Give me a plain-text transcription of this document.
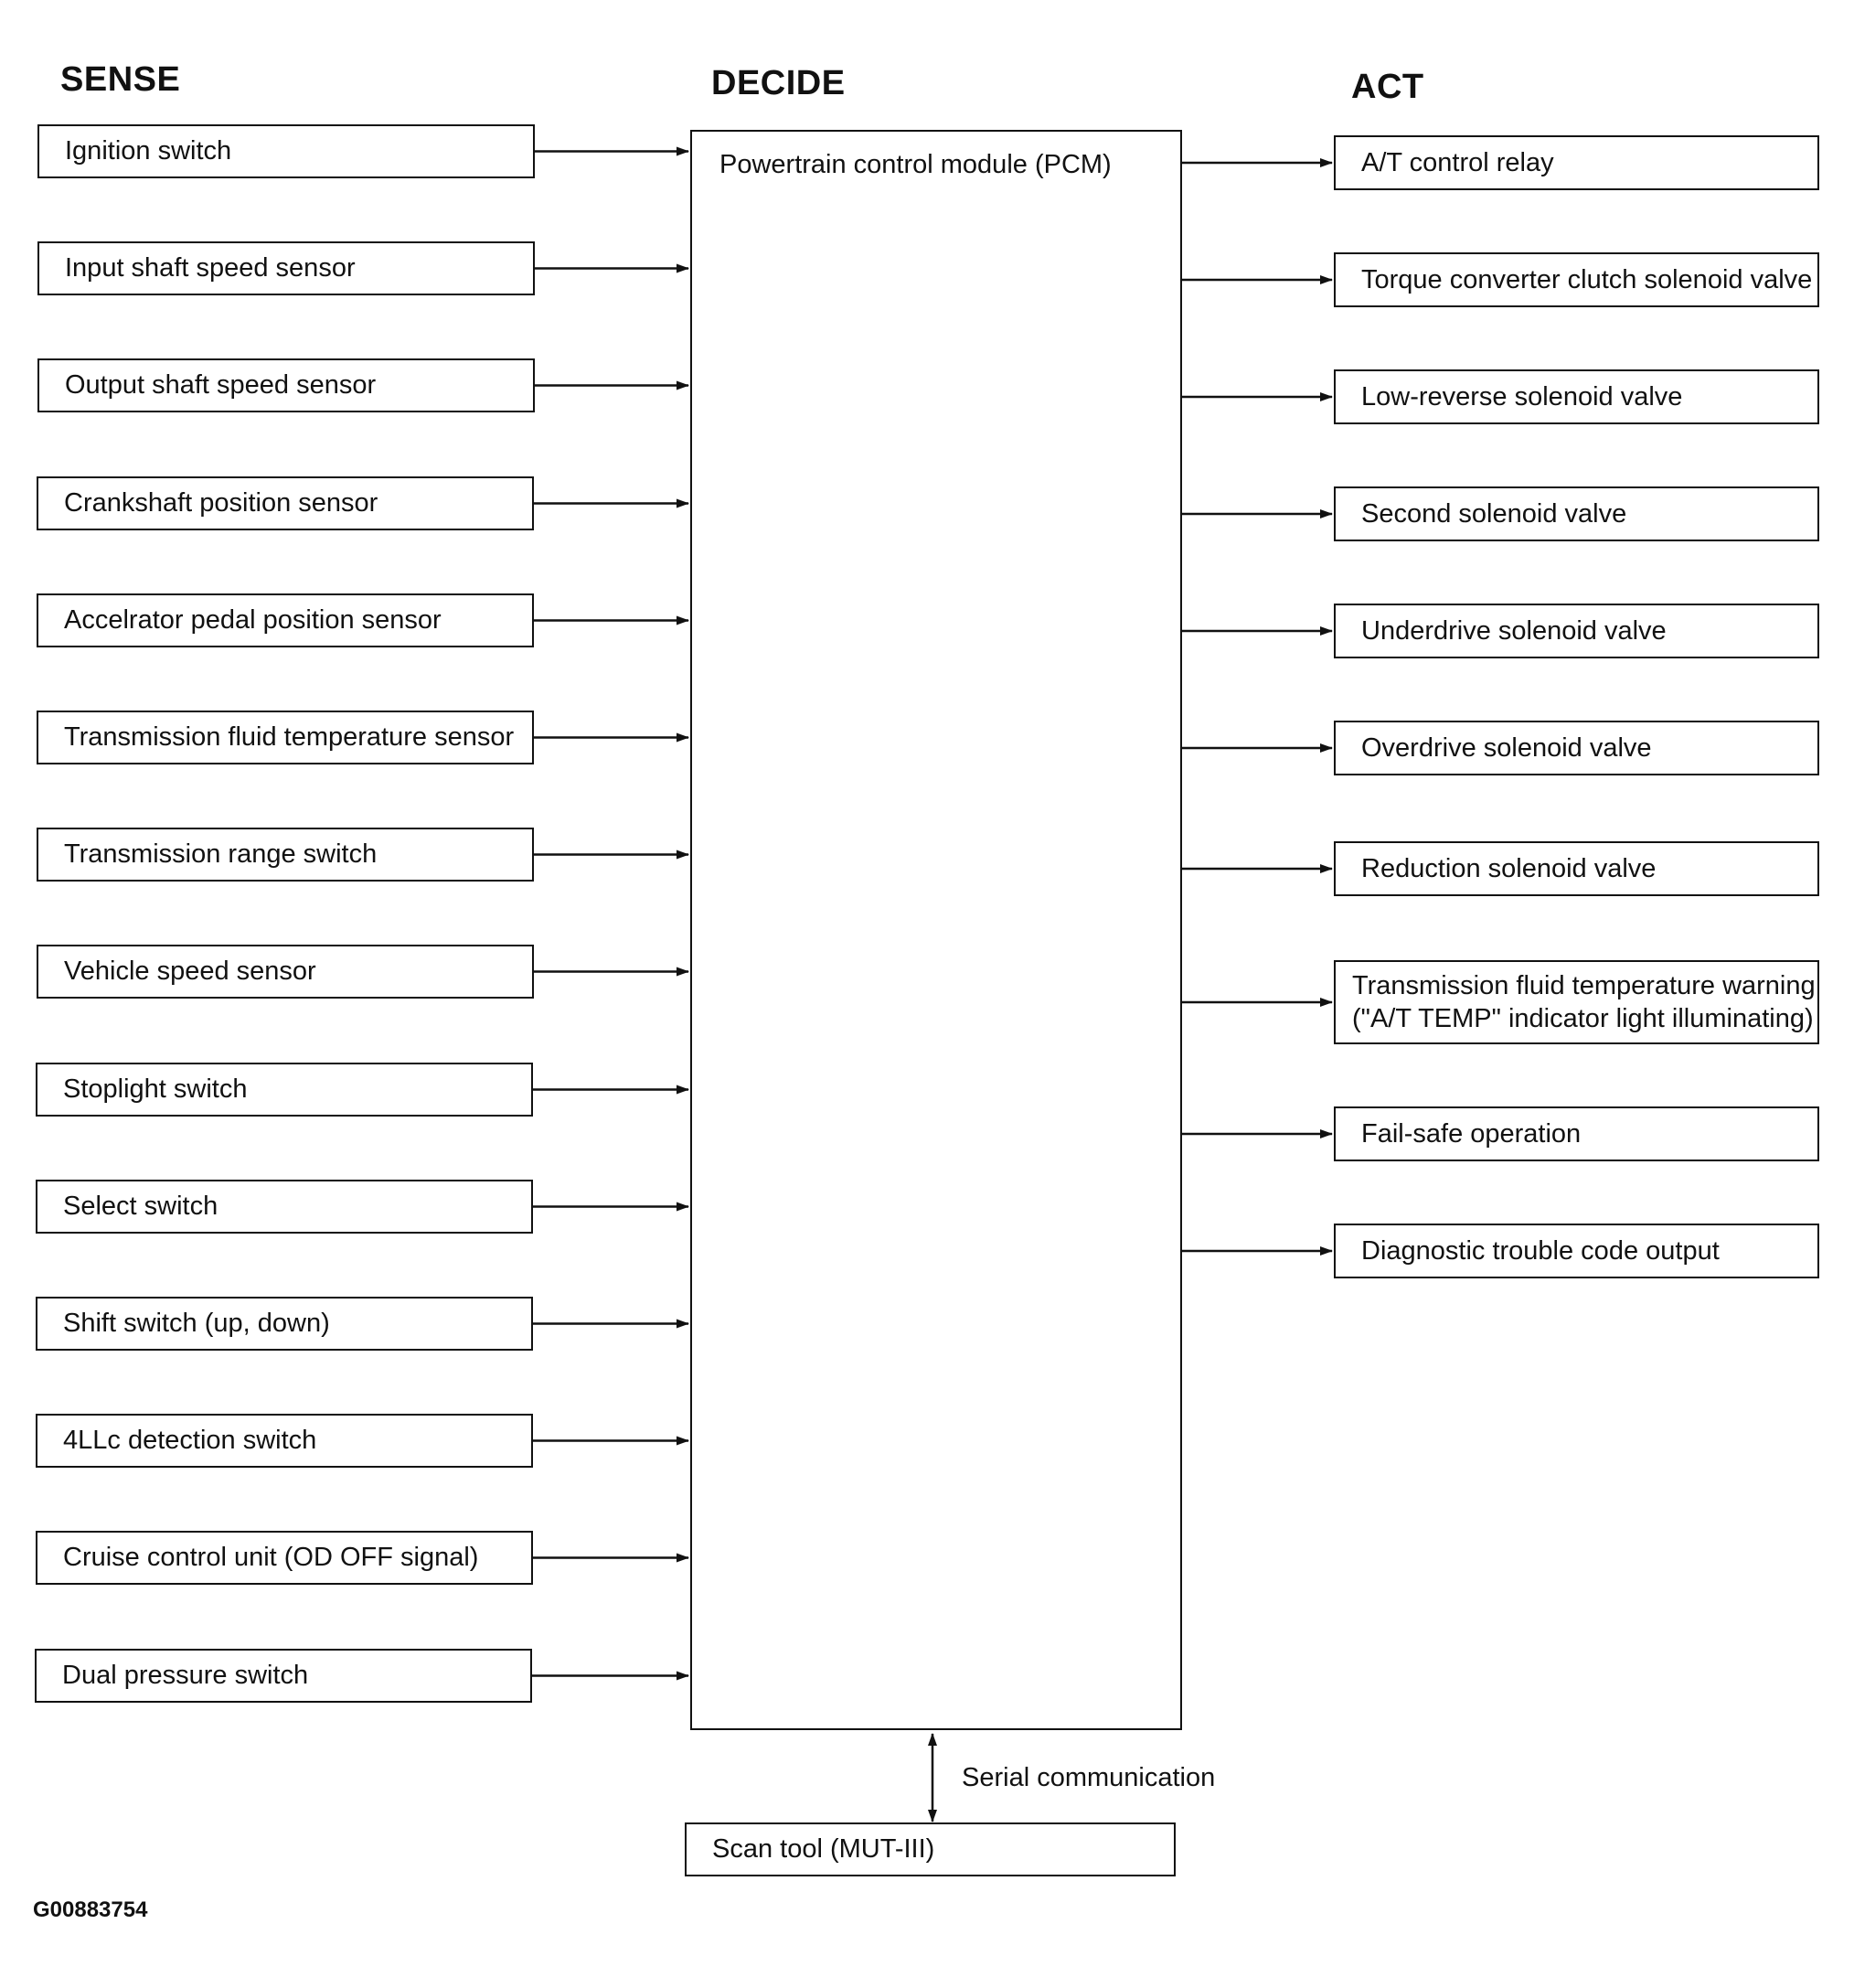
SENSE	DECIDE	ACT
Ignition switch
Input shaft speed sensor
Output shaft speed sensor
Crankshaft position sensor
Accelrator pedal position sensor
Transmission fluid temperature sensor
Transmission range switch
Vehicle speed sensor
Stoplight switch
Select switch
Shift switch (up, down)
4LLc detection switch
Cruise control unit (OD OFF signal)
Dual pressure switch
Powertrain control module (PCM)	A/T control relay
Torque converter clutch solenoid valve
Low-reverse solenoid valve
Second solenoid valve
Underdrive solenoid valve
Overdrive solenoid valve
Reduction solenoid valve
Transmission fluid temperature warning
("A/T TEMP" indicator light illuminating)
Fail-safe operation
Diagnostic trouble code output
Serial communication
Scan tool (MUT-III)
G00883754
